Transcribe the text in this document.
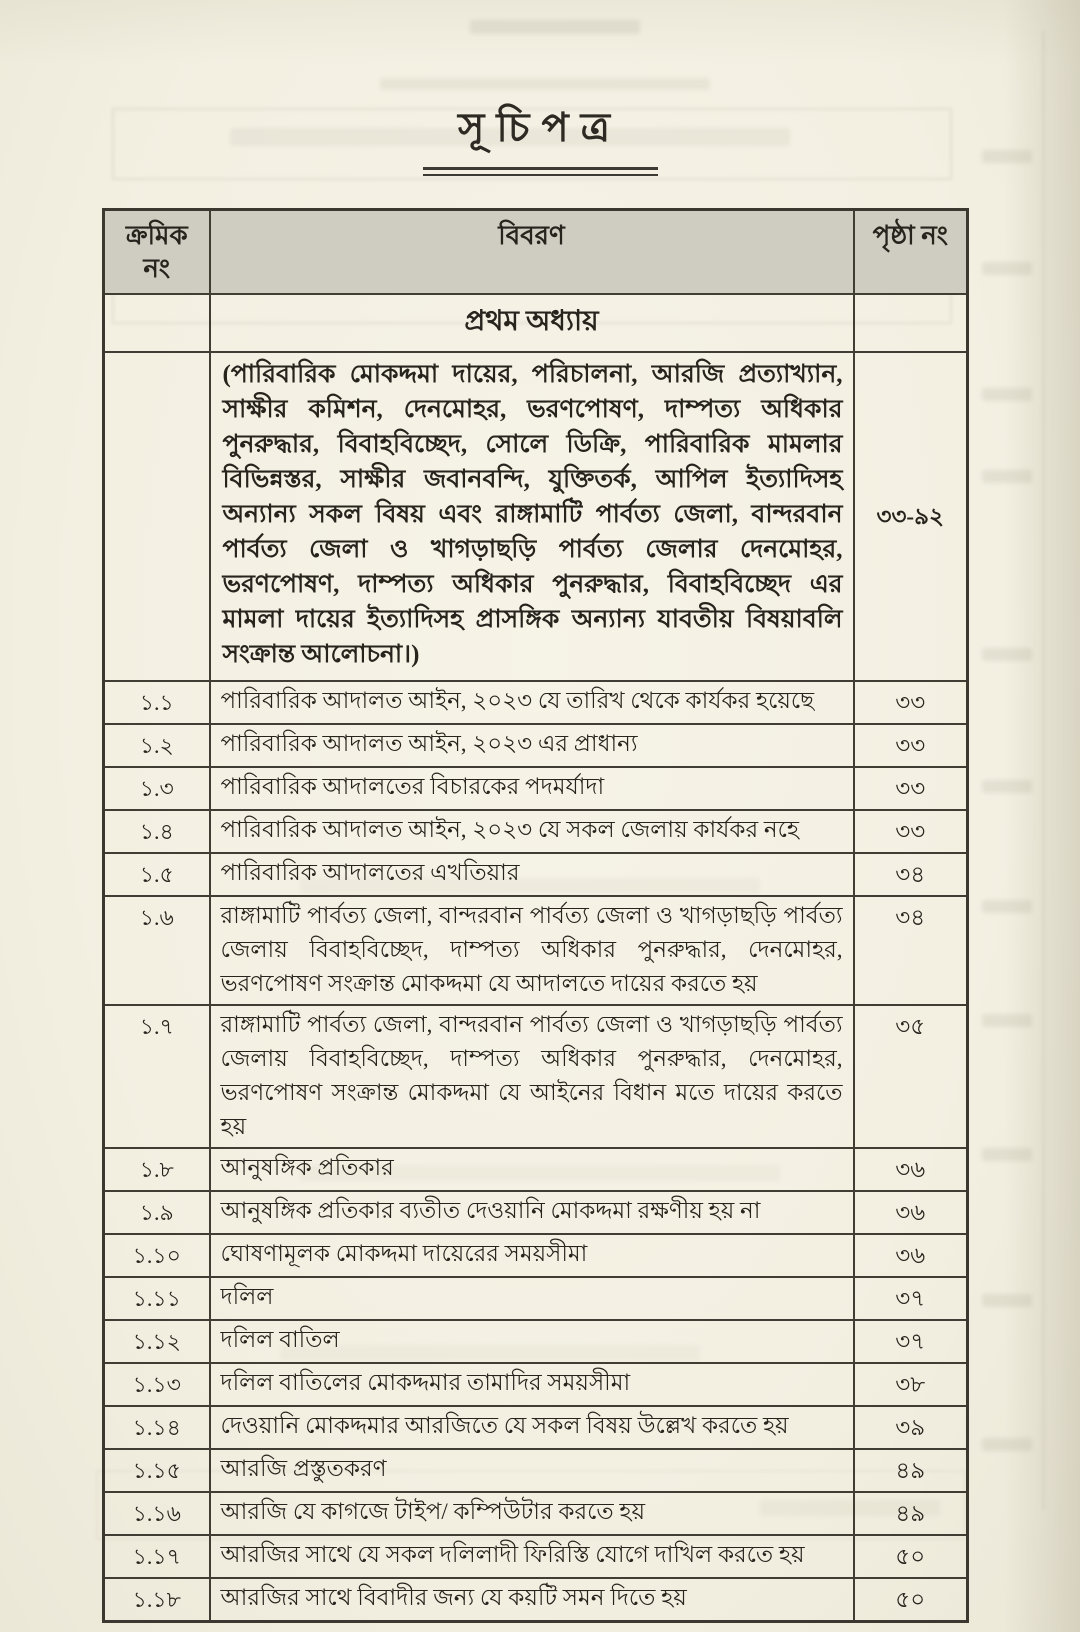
সূচিপত্র
ক্রমিক নং	বিবরণ	পৃষ্ঠা নং
	প্রথম অধ্যায়	
	(পারিবারিক মোকদ্দমা দায়ের, পরিচালনা, আরজি প্রত্যাখ্যান, সাক্ষীর কমিশন, দেনমোহর, ভরণপোষণ, দাম্পত্য অধিকার পুনরুদ্ধার, বিবাহবিচ্ছেদ, সোলে ডিক্রি, পারিবারিক মামলার বিভিন্নস্তর, সাক্ষীর জবানবন্দি, যুক্তিতর্ক, আপিল ইত্যাদিসহ অন্যান্য সকল বিষয় এবং রাঙ্গামাটি পার্বত্য জেলা, বান্দরবান পার্বত্য জেলা ও খাগড়াছড়ি পার্বত্য জেলার দেনমোহর, ভরণপোষণ, দাম্পত্য অধিকার পুনরুদ্ধার, বিবাহবিচ্ছেদ এর মামলা দায়ের ইত্যাদিসহ প্রাসঙ্গিক অন্যান্য যাবতীয় বিষয়াবলি সংক্রান্ত আলোচনা।)	৩৩-৯২
১.১	পারিবারিক আদালত আইন, ২০২৩ যে তারিখ থেকে কার্যকর হয়েছে	৩৩
১.২	পারিবারিক আদালত আইন, ২০২৩ এর প্রাধান্য	৩৩
১.৩	পারিবারিক আদালতের বিচারকের পদমর্যাদা	৩৩
১.৪	পারিবারিক আদালত আইন, ২০২৩ যে সকল জেলায় কার্যকর নহে	৩৩
১.৫	পারিবারিক আদালতের এখতিয়ার	৩৪
১.৬	রাঙ্গামাটি পার্বত্য জেলা, বান্দরবান পার্বত্য জেলা ও খাগড়াছড়ি পার্বত্য জেলায় বিবাহবিচ্ছেদ, দাম্পত্য অধিকার পুনরুদ্ধার, দেনমোহর, ভরণপোষণ সংক্রান্ত মোকদ্দমা যে আদালতে দায়ের করতে হয়	৩৪
১.৭	রাঙ্গামাটি পার্বত্য জেলা, বান্দরবান পার্বত্য জেলা ও খাগড়াছড়ি পার্বত্য জেলায় বিবাহবিচ্ছেদ, দাম্পত্য অধিকার পুনরুদ্ধার, দেনমোহর, ভরণপোষণ সংক্রান্ত মোকদ্দমা যে আইনের বিধান মতে দায়ের করতে হয়	৩৫
১.৮	আনুষঙ্গিক প্রতিকার	৩৬
১.৯	আনুষঙ্গিক প্রতিকার ব্যতীত দেওয়ানি মোকদ্দমা রক্ষণীয় হয় না	৩৬
১.১০	ঘোষণামূলক মোকদ্দমা দায়েরের সময়সীমা	৩৬
১.১১	দলিল	৩৭
১.১২	দলিল বাতিল	৩৭
১.১৩	দলিল বাতিলের মোকদ্দমার তামাদির সময়সীমা	৩৮
১.১৪	দেওয়ানি মোকদ্দমার আরজিতে যে সকল বিষয় উল্লেখ করতে হয়	৩৯
১.১৫	আরজি প্রস্তুতকরণ	৪৯
১.১৬	আরজি যে কাগজে টাইপ/ কম্পিউটার করতে হয়	৪৯
১.১৭	আরজির সাথে যে সকল দলিলাদী ফিরিস্তি যোগে দাখিল করতে হয়	৫০
১.১৮	আরজির সাথে বিবাদীর জন্য যে কয়টি সমন দিতে হয়	৫০
